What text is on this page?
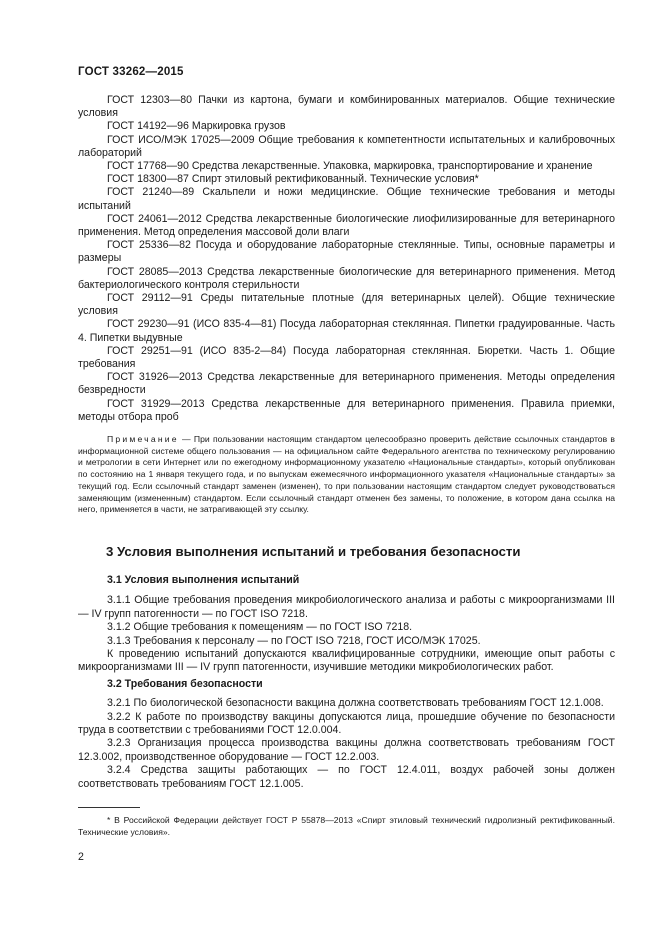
ГОСТ 33262—2015

ГОСТ 12303—80 Пачки из картона, бумаги и комбинированных материалов. Общие технические условия

ГОСТ 14192—96 Маркировка грузов

ГОСТ ИСО/МЭК 17025—2009 Общие требования к компетентности испытательных и калибровочных лабораторий

ГОСТ 17768—90 Средства лекарственные. Упаковка, маркировка, транспортирование и хранение

ГОСТ 18300—87 Спирт этиловый ректификованный. Технические условия*

ГОСТ 21240—89 Скальпели и ножи медицинские. Общие технические требования и методы испытаний

ГОСТ 24061—2012 Средства лекарственные биологические лиофилизированные для ветеринарного применения. Метод определения массовой доли влаги

ГОСТ 25336—82 Посуда и оборудование лабораторные стеклянные. Типы, основные параметры и размеры

ГОСТ 28085—2013 Средства лекарственные биологические для ветеринарного применения. Метод бактериологического контроля стерильности

ГОСТ 29112—91 Среды питательные плотные (для ветеринарных целей). Общие технические условия

ГОСТ 29230—91 (ИСО 835-4—81) Посуда лабораторная стеклянная. Пипетки градуированные. Часть 4. Пипетки выдувные

ГОСТ 29251—91 (ИСО 835-2—84) Посуда лабораторная стеклянная. Бюретки. Часть 1. Общие требования

ГОСТ 31926—2013 Средства лекарственные для ветеринарного применения. Методы определения безвредности

ГОСТ 31929—2013 Средства лекарственные для ветеринарного применения. Правила приемки, методы отбора проб

Примечание — При пользовании настоящим стандартом целесообразно проверить действие ссылочных стандартов в информационной системе общего пользования — на официальном сайте Федерального агентства по техническому регулированию и метрологии в сети Интернет или по ежегодному информационному указателю «Национальные стандарты», который опубликован по состоянию на 1 января текущего года, и по выпускам ежемесячного информационного указателя «Национальные стандарты» за текущий год. Если ссылочный стандарт заменен (изменен), то при пользовании настоящим стандартом следует руководствоваться заменяющим (измененным) стандартом. Если ссылочный стандарт отменен без замены, то положение, в котором дана ссылка на него, применяется в части, не затрагивающей эту ссылку.

3 Условия выполнения испытаний и требования безопасности

3.1 Условия выполнения испытаний

3.1.1 Общие требования проведения микробиологического анализа и работы с микроорганизмами III — IV групп патогенности — по ГОСТ ISO 7218.

3.1.2 Общие требования к помещениям — по ГОСТ ISO 7218.

3.1.3 Требования к персоналу — по ГОСТ ISO 7218, ГОСТ ИСО/МЭК 17025.

К проведению испытаний допускаются квалифицированные сотрудники, имеющие опыт работы с микроорганизмами III — IV групп патогенности, изучившие методики микробиологических работ.

3.2 Требования безопасности

3.2.1 По биологической безопасности вакцина должна соответствовать требованиям ГОСТ 12.1.008.

3.2.2 К работе по производству вакцины допускаются лица, прошедшие обучение по безопасности труда в соответствии с требованиями ГОСТ 12.0.004.

3.2.3 Организация процесса производства вакцины должна соответствовать требованиям ГОСТ 12.3.002, производственное оборудование — ГОСТ 12.2.003.

3.2.4 Средства защиты работающих — по ГОСТ 12.4.011, воздух рабочей зоны должен соответствовать требованиям ГОСТ 12.1.005.

* В Российской Федерации действует ГОСТ Р 55878—2013 «Спирт этиловый технический гидролизный ректификованный. Технические условия».

2
